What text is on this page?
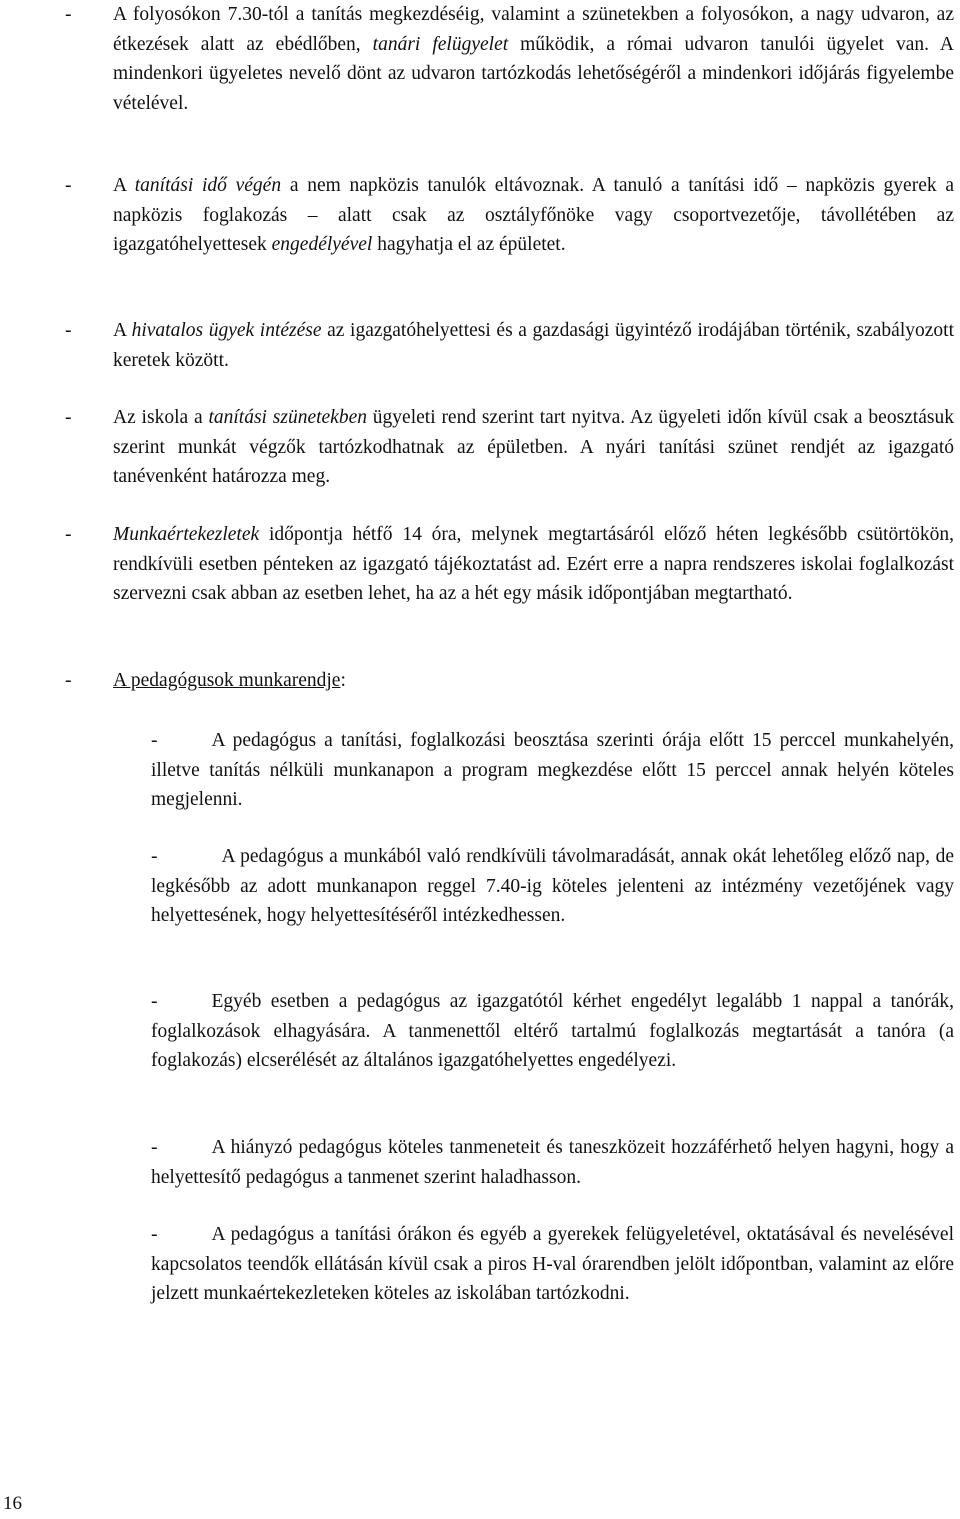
- A folyosókon 7.30-tól a tanítás megkezdéséig, valamint a szünetekben a folyosókon, a nagy udvaron, az étkezések alatt az ebédlőben, tanári felügyelet működik, a római udvaron tanulói ügyelet van. A mindenkori ügyeletes nevelő dönt az udvaron tartózkodás lehetőségéről a mindenkori időjárás figyelembe vételével.

- A tanítási idő végén a nem napközis tanulók eltávoznak. A tanuló a tanítási idő – napközis gyerek a napközis foglakozás – alatt csak az osztályfőnöke vagy csoportvezetője, távollétében az igazgatóhelyettesek engedélyével hagyhatja el az épületet.

- A hivatalos ügyek intézése az igazgatóhelyettesi és a gazdasági ügyintéző irodájában történik, szabályozott keretek között.

- Az iskola a tanítási szünetekben ügyeleti rend szerint tart nyitva. Az ügyeleti időn kívül csak a beosztásuk szerint munkát végzők tartózkodhatnak az épületben. A nyári tanítási szünet rendjét az igazgató tanévenként határozza meg.

- Munkaértekezletek időpontja hétfő 14 óra, melynek megtartásáról előző héten legkésőbb csütörtökön, rendkívüli esetben pénteken az igazgató tájékoztatást ad. Ezért erre a napra rendszeres iskolai foglalkozást szervezni csak abban az esetben lehet, ha az a hét egy másik időpontjában megtartható.

- A pedagógusok munkarendje:

-	A pedagógus a tanítási, foglalkozási beosztása szerinti órája előtt 15 perccel munkahelyén, illetve tanítás nélküli munkanapon a program megkezdése előtt 15 perccel annak helyén köteles megjelenni.

-	A pedagógus a munkából való rendkívüli távolmaradását, annak okát lehetőleg előző nap, de legkésőbb az adott munkanapon reggel 7.40-ig köteles jelenteni az intézmény vezetőjének vagy helyettesének, hogy helyettesítéséről intézkedhessen.

-	Egyéb esetben a pedagógus az igazgatótól kérhet engedélyt legalább 1 nappal a tanórák, foglalkozások elhagyására. A tanmenettől eltérő tartalmú foglalkozás megtartását a tanóra (a foglakozás) elcserélését az általános igazgatóhelyettes engedélyezi.

-	A hiányzó pedagógus köteles tanmeneteit és taneszközeit hozzáférhető helyen hagyni, hogy a helyettesítő pedagógus a tanmenet szerint haladhasson.

-	A pedagógus a tanítási órákon és egyéb a gyerekek felügyeletével, oktatásával és nevelésével kapcsolatos teendők ellátásán kívül csak a piros H-val órarendben jelölt időpontban, valamint az előre jelzett munkaértekezleteken köteles az iskolában tartózkodni.

16
